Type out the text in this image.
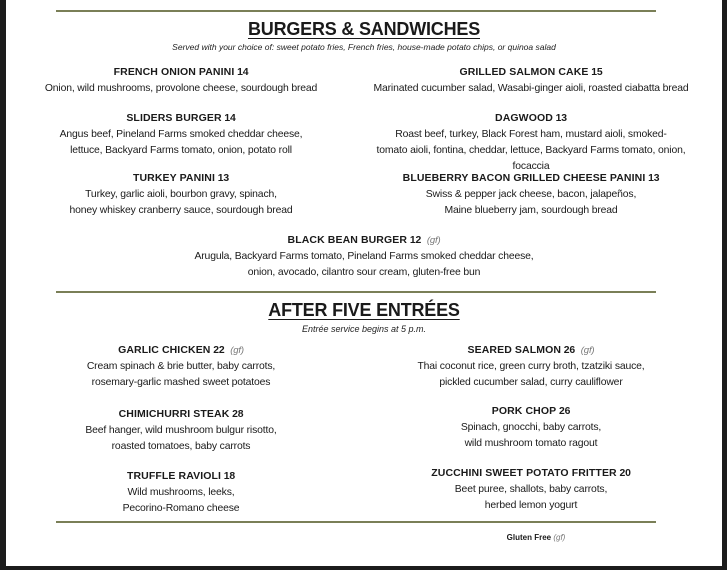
BURGERS & SANDWICHES
Served with your choice of: sweet potato fries, French fries, house-made potato chips, or quinoa salad
FRENCH ONION PANINI 14
Onion, wild mushrooms, provolone cheese, sourdough bread
GRILLED SALMON CAKE 15
Marinated cucumber salad, Wasabi-ginger aioli, roasted ciabatta bread
SLIDERS BURGER 14
Angus beef, Pineland Farms smoked cheddar cheese,
lettuce, Backyard Farms tomato, onion, potato roll
DAGWOOD 13
Roast beef, turkey, Black Forest ham, mustard aioli, smoked-
tomato aioli, fontina, cheddar, lettuce, Backyard Farms tomato, onion, focaccia
TURKEY PANINI 13
Turkey, garlic aioli, bourbon gravy, spinach,
honey whiskey cranberry sauce, sourdough bread
BLUEBERRY BACON GRILLED CHEESE PANINI 13
Swiss & pepper jack cheese, bacon, jalapeños,
Maine blueberry jam, sourdough bread
BLACK BEAN BURGER 12 (gf)
Arugula, Backyard Farms tomato, Pineland Farms smoked cheddar cheese,
onion, avocado, cilantro sour cream, gluten-free bun
AFTER FIVE ENTRÉES
Entrée service begins at 5 p.m.
GARLIC CHICKEN 22 (gf)
Cream spinach & brie butter, baby carrots,
rosemary-garlic mashed sweet potatoes
SEARED SALMON 26 (gf)
Thai coconut rice, green curry broth, tzatziki sauce,
pickled cucumber salad, curry cauliflower
CHIMICHURRI STEAK 28
Beef hanger, wild mushroom bulgur risotto,
roasted tomatoes, baby carrots
PORK CHOP 26
Spinach, gnocchi, baby carrots,
wild mushroom tomato ragout
TRUFFLE RAVIOLI 18
Wild mushrooms, leeks,
Pecorino-Romano cheese
ZUCCHINI SWEET POTATO FRITTER 20
Beet puree, shallots, baby carrots,
herbed lemon yogurt
Gluten Free (gf)
